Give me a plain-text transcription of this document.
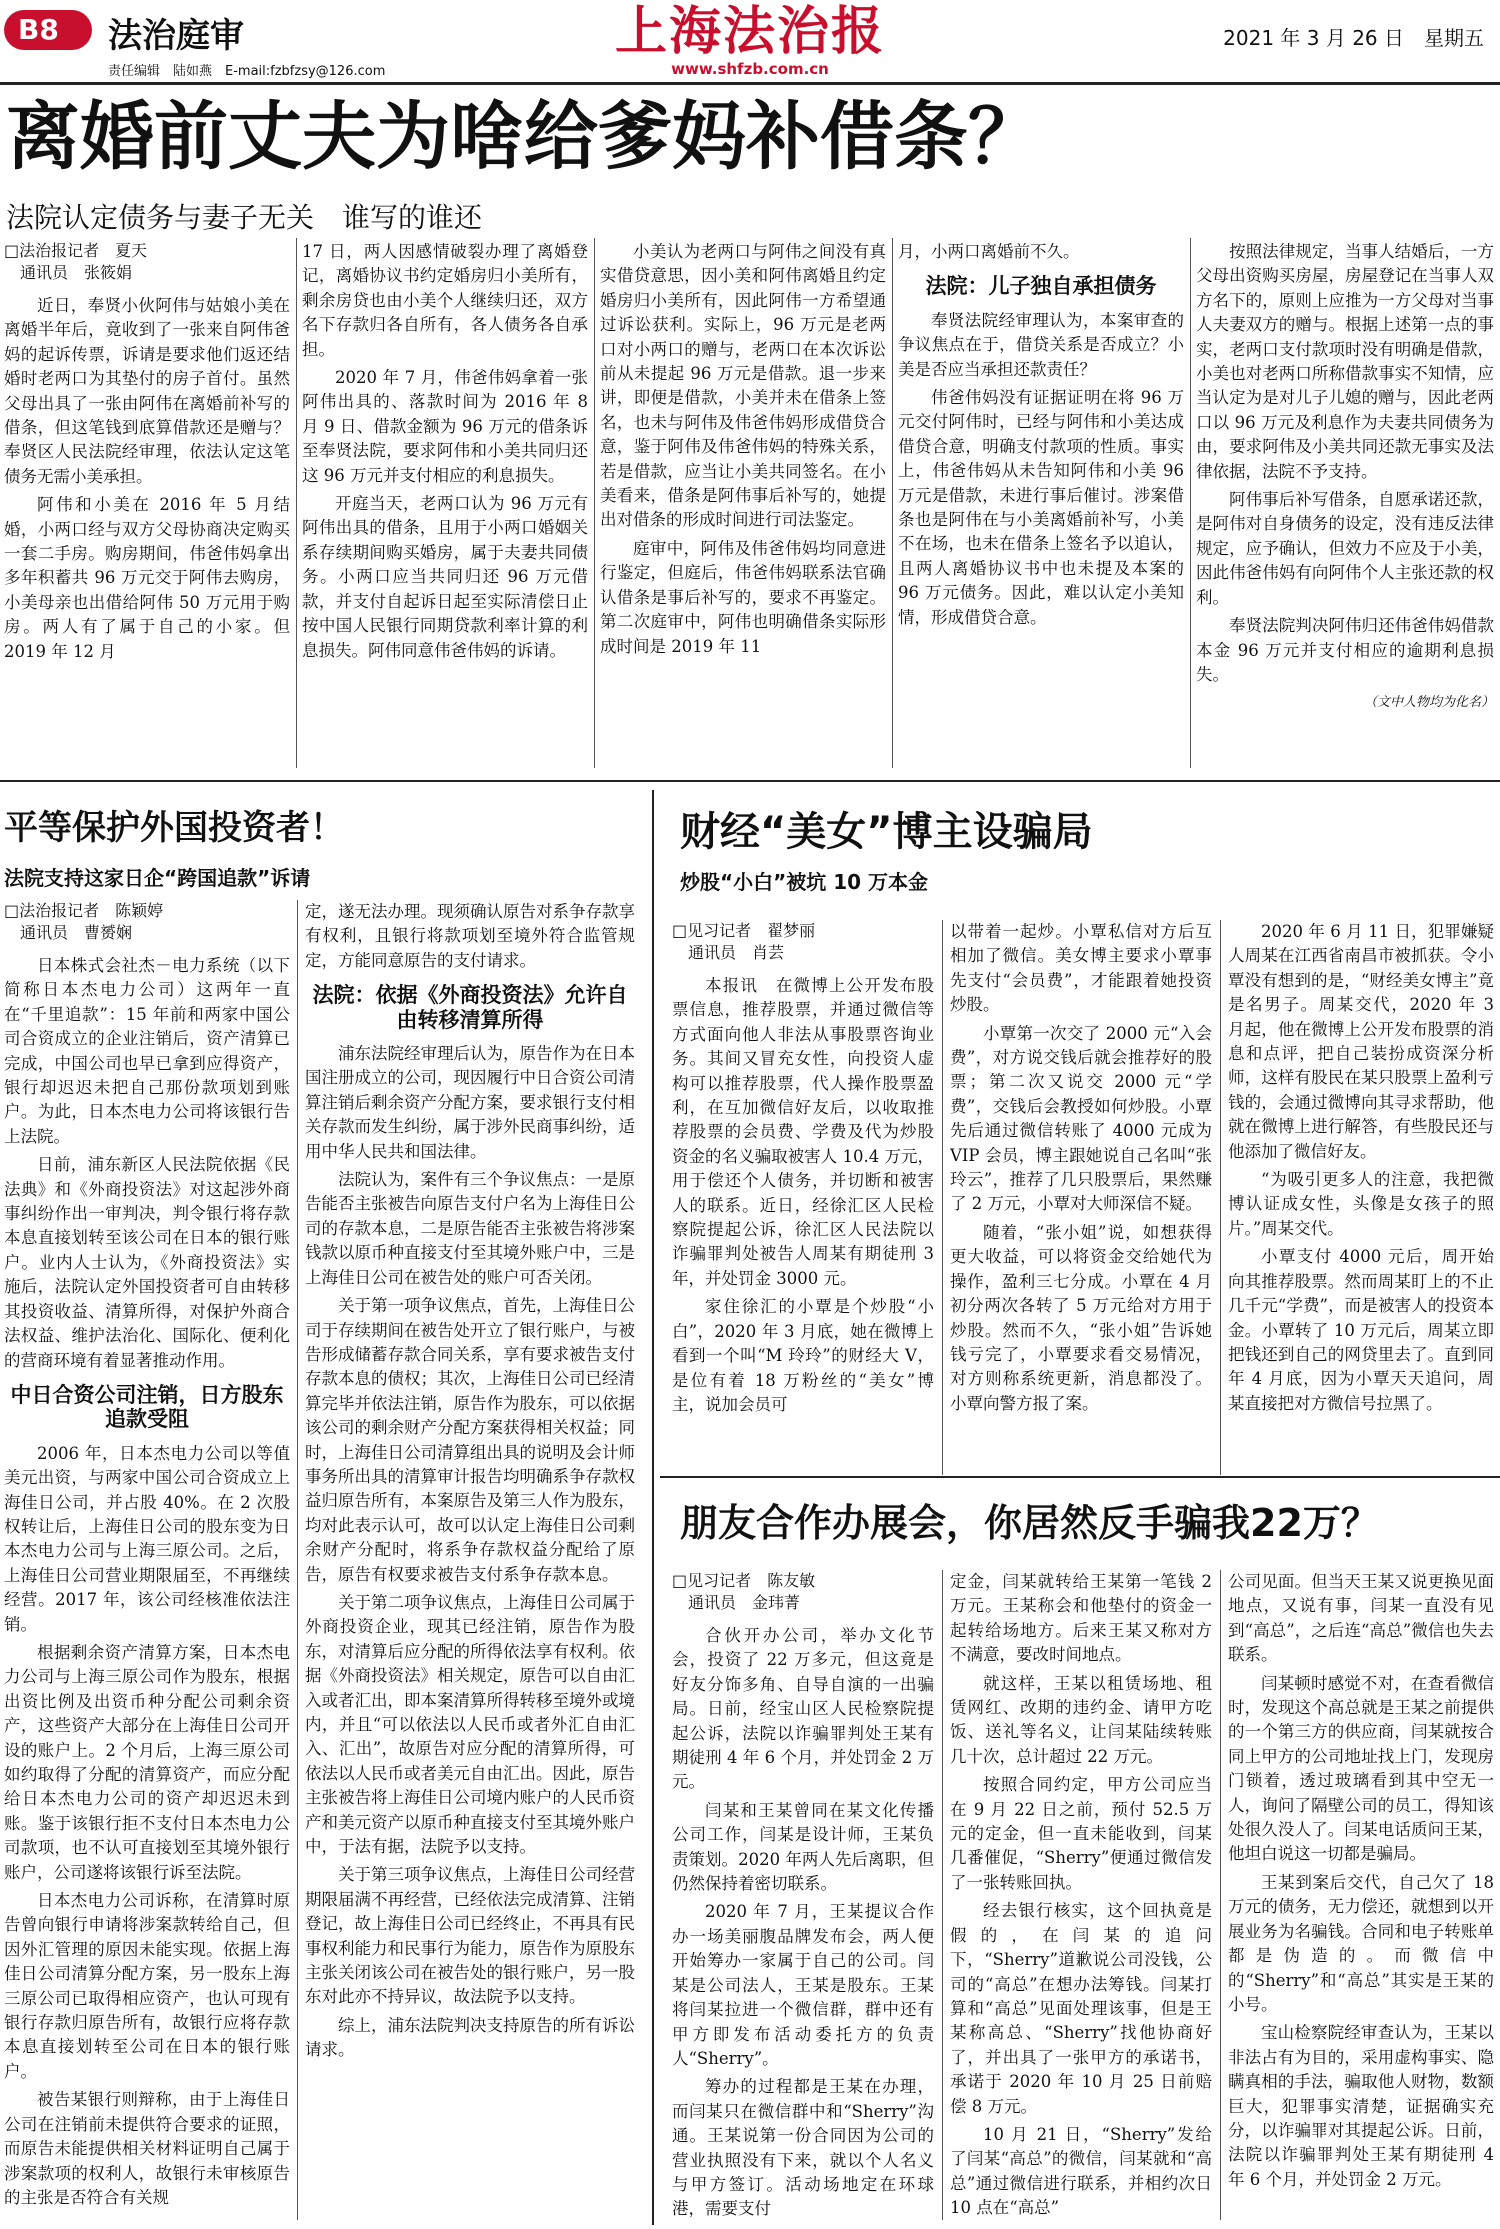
B8 法治庭审
责任编辑　陆如燕　E-mail:fzbfzsy@126.com
上海法治报
www.shfzb.com.cn
2021 年 3 月 26 日　星期五
离婚前丈夫为啥给爹妈补借条？
法院认定债务与妻子无关　谁写的谁还
□法治报记者　夏天
通讯员　张筱娟

近日，奉贤小伙阿伟与姑娘小美在离婚半年后，竟收到了一张来自阿伟爸妈的起诉传票，诉请是要求他们返还结婚时老两口为其垫付的房子首付。虽然父母出具了一张由阿伟在离婚前补写的借条，但这笔钱到底算借款还是赠与？奉贤区人民法院经审理，依法认定这笔债务无需小美承担。

阿伟和小美在 2016 年 5 月结婚，小两口经与双方父母协商决定购买一套二手房。购房期间，伟爸伟妈拿出多年积蓄共 96 万元交于阿伟去购房，小美母亲也出借给阿伟 50 万元用于购房。两人有了属于自己的小家。但 2019 年 12 月

17 日，两人因感情破裂办理了离婚登记，离婚协议书约定婚房归小美所有，剩余房贷也由小美个人继续归还，双方名下存款归各自所有，各人债务各自承担。

2020 年 7 月，伟爸伟妈拿着一张阿伟出具的、落款时间为 2016 年 8 月 9 日、借款金额为 96 万元的借条诉至奉贤法院，要求阿伟和小美共同归还这 96 万元并支付相应的利息损失。

开庭当天，老两口认为 96 万元有阿伟出具的借条，且用于小两口婚姻关系存续期间购买婚房，属于夫妻共同债务。小两口应当共同归还 96 万元借款，并支付自起诉日起至实际清偿日止按中国人民银行同期贷款利率计算的利息损失。阿伟同意伟爸伟妈的诉请。

小美认为老两口与阿伟之间没有真实借贷意思，因小美和阿伟离婚且约定婚房归小美所有，因此阿伟一方希望通过诉讼获利。实际上，96 万元是老两口对小两口的赠与，老两口在本次诉讼前从未提起 96 万元是借款。退一步来讲，即便是借款，小美并未在借条上签名，也未与阿伟及伟爸伟妈形成借贷合意，鉴于阿伟及伟爸伟妈的特殊关系，若是借款，应当让小美共同签名。在小美看来，借条是阿伟事后补写的，她提出对借条的形成时间进行司法鉴定。

庭审中，阿伟及伟爸伟妈均同意进行鉴定，但庭后，伟爸伟妈联系法官确认借条是事后补写的，要求不再鉴定。第二次庭审中，阿伟也明确借条实际形成时间是 2019 年 11

月，小两口离婚前不久。

法院：儿子独自承担债务

奉贤法院经审理认为，本案审查的争议焦点在于，借贷关系是否成立？小美是否应当承担还款责任？

伟爸伟妈没有证据证明在将 96 万元交付阿伟时，已经与阿伟和小美达成借贷合意，明确支付款项的性质。事实上，伟爸伟妈从未告知阿伟和小美 96 万元是借款，未进行事后催讨。涉案借条也是阿伟在与小美离婚前补写，小美不在场，也未在借条上签名予以追认，且两人离婚协议书中也未提及本案的 96 万元债务。因此，难以认定小美知情，形成借贷合意。

按照法律规定，当事人结婚后，一方父母出资购买房屋，房屋登记在当事人双方名下的，原则上应推为一方父母对当事人夫妻双方的赠与。根据上述第一点的事实，老两口支付款项时没有明确是借款，小美也对老两口所称借款事实不知情，应当认定为是对儿子儿媳的赠与，因此老两口以 96 万元及利息作为夫妻共同债务为由，要求阿伟及小美共同还款无事实及法律依据，法院不予支持。

阿伟事后补写借条，自愿承诺还款，是阿伟对自身债务的设定，没有违反法律规定，应予确认，但效力不应及于小美，因此伟爸伟妈有向阿伟个人主张还款的权利。

奉贤法院判决阿伟归还伟爸伟妈借款本金 96 万元并支付相应的逾期利息损失。

（文中人物均为化名）
平等保护外国投资者！
法院支持这家日企“跨国追款”诉请
□法治报记者　陈颖婷
通讯员　曹赟娴

日本株式会社杰－电力系统（以下简称日本杰电力公司）这两年一直在“千里追款”：15 年前和两家中国公司合资成立的企业注销后，资产清算已完成，中国公司也早已拿到应得资产，银行却迟迟未把自己那份款项划到账户。为此，日本杰电力公司将该银行告上法院。

日前，浦东新区人民法院依据《民法典》和《外商投资法》对这起涉外商事纠纷作出一审判决，判令银行将存款本息直接划转至该公司在日本的银行账户。业内人士认为，《外商投资法》实施后，法院认定外国投资者可自由转移其投资收益、清算所得，对保护外商合法权益、维护法治化、国际化、便利化的营商环境有着显著推动作用。

中日合资公司注销，日方股东追款受阻

2006 年，日本杰电力公司以等值美元出资，与两家中国公司合资成立上海佳日公司，并占股 40%。在 2 次股权转让后，上海佳日公司的股东变为日本杰电力公司与上海三原公司。之后，上海佳日公司营业期限届至，不再继续经营。2017 年，该公司经核准依法注销。

根据剩余资产清算方案，日本杰电力公司与上海三原公司作为股东，根据出资比例及出资币种分配公司剩余资产，这些资产大部分在上海佳日公司开设的账户上。2 个月后，上海三原公司如约取得了分配的清算资产，而应分配给日本杰电力公司的资产却迟迟未到账。鉴于该银行拒不支付日本杰电力公司款项，也不认可直接划至其境外银行账户，公司遂将该银行诉至法院。

日本杰电力公司诉称，在清算时原告曾向银行申请将涉案款转给自己，但因外汇管理的原因未能实现。依据上海佳日公司清算分配方案，另一股东上海三原公司已取得相应资产，也认可现有银行存款归原告所有，故银行应将存款本息直接划转至公司在日本的银行账户。

被告某银行则辩称，由于上海佳日公司在注销前未提供符合要求的证照，而原告未能提供相关材料证明自己属于涉案款项的权利人，故银行未审核原告的主张是否符合有关规

定，遂无法办理。现须确认原告对系争存款享有权利，且银行将款项划至境外符合监管规定，方能同意原告的支付请求。

法院：依据《外商投资法》允许自由转移清算所得

浦东法院经审理后认为，原告作为在日本国注册成立的公司，现因履行中日合资公司清算注销后剩余资产分配方案，要求银行支付相关存款而发生纠纷，属于涉外民商事纠纷，适用中华人民共和国法律。

法院认为，案件有三个争议焦点：一是原告能否主张被告向原告支付户名为上海佳日公司的存款本息，二是原告能否主张被告将涉案钱款以原币种直接支付至其境外账户中，三是上海佳日公司在被告处的账户可否关闭。

关于第一项争议焦点，首先，上海佳日公司于存续期间在被告处开立了银行账户，与被告形成储蓄存款合同关系，享有要求被告支付存款本息的债权；其次，上海佳日公司已经清算完毕并依法注销，原告作为股东，可以依据该公司的剩余财产分配方案获得相关权益；同时，上海佳日公司清算组出具的说明及会计师事务所出具的清算审计报告均明确系争存款权益归原告所有，本案原告及第三人作为股东，均对此表示认可，故可以认定上海佳日公司剩余财产分配时，将系争存款权益分配给了原告，原告有权要求被告支付系争存款本息。

关于第二项争议焦点，上海佳日公司属于外商投资企业，现其已经注销，原告作为股东，对清算后应分配的所得依法享有权利。依据《外商投资法》相关规定，原告可以自由汇入或者汇出，即本案清算所得转移至境外或境内，并且“可以依法以人民币或者外汇自由汇入、汇出”，故原告对应分配的清算所得，可依法以人民币或者美元自由汇出。因此，原告主张被告将上海佳日公司境内账户的人民币资产和美元资产以原币种直接支付至其境外账户中，于法有据，法院予以支持。

关于第三项争议焦点，上海佳日公司经营期限届满不再经营，已经依法完成清算、注销登记，故上海佳日公司已经终止，不再具有民事权利能力和民事行为能力，原告作为原股东主张关闭该公司在被告处的银行账户，另一股东对此亦不持异议，故法院予以支持。

综上，浦东法院判决支持原告的所有诉讼请求。

财经“美女”博主设骗局
炒股“小白”被坑 10 万本金
□见习记者　翟梦丽
通讯员　肖芸

本报讯　在微博上公开发布股票信息，推荐股票，并通过微信等方式面向他人非法从事股票咨询业务。其间又冒充女性，向投资人虚构可以推荐股票，代人操作股票盈利，在互加微信好友后，以收取推荐股票的会员费、学费及代为炒股资金的名义骗取被害人 10.4 万元，用于偿还个人债务，并切断和被害人的联系。近日，经徐汇区人民检察院提起公诉，徐汇区人民法院以诈骗罪判处被告人周某有期徒刑 3 年，并处罚金 3000 元。

家住徐汇的小覃是个炒股“小白”，2020 年 3 月底，她在微博上看到一个叫“M 玲玲”的财经大 V，是位有着 18 万粉丝的“美女”博主，说加会员可

以带着一起炒。小覃私信对方后互相加了微信。美女博主要求小覃事先支付“会员费”，才能跟着她投资炒股。

小覃第一次交了 2000 元“入会费”，对方说交钱后就会推荐好的股票；第二次又说交 2000 元“学费”，交钱后会教授如何炒股。小覃先后通过微信转账了 4000 元成为 VIP 会员，博主跟她说自己名叫“张玲云”，推荐了几只股票后，果然赚了 2 万元，小覃对大师深信不疑。

随着，“张小姐”说，如想获得更大收益，可以将资金交给她代为操作，盈利三七分成。小覃在 4 月初分两次各转了 5 万元给对方用于炒股。然而不久，“张小姐”告诉她钱亏完了，小覃要求看交易情况，对方则称系统更新，消息都没了。小覃向警方报了案。

2020 年 6 月 11 日，犯罪嫌疑人周某在江西省南昌市被抓获。令小覃没有想到的是，“财经美女博主”竟是名男子。周某交代，2020 年 3 月起，他在微博上公开发布股票的消息和点评，把自己装扮成资深分析师，这样有股民在某只股票上盈利亏钱的，会通过微博向其寻求帮助，他就在微博上进行解答，有些股民还与他添加了微信好友。

“为吸引更多人的注意，我把微博认证成女性，头像是女孩子的照片。”周某交代。

小覃支付 4000 元后，周开始向其推荐股票。然而周某盯上的不止几千元“学费”，而是被害人的投资本金。小覃转了 10 万元后，周某立即把钱还到自己的网贷里去了。直到同年 4 月底，因为小覃天天追问，周某直接把对方微信号拉黑了。

朋友合作办展会，你居然反手骗我22万？
□见习记者　陈友敏
通讯员　金玮菁

合伙开办公司，举办文化节会，投资了 22 万多元，但这竟是好友分饰多角、自导自演的一出骗局。日前，经宝山区人民检察院提起公诉，法院以诈骗罪判处王某有期徒刑 4 年 6 个月，并处罚金 2 万元。

闫某和王某曾同在某文化传播公司工作，闫某是设计师，王某负责策划。2020 年两人先后离职，但仍然保持着密切联系。

2020 年 7 月，王某提议合作办一场美丽腹品牌发布会，两人便开始筹办一家属于自己的公司。闫某是公司法人，王某是股东。王某将闫某拉进一个微信群，群中还有甲方即发布活动委托方的负责人“Sherry”。

筹办的过程都是王某在办理，而闫某只在微信群中和“Sherry”沟通。王某说第一份合同因为公司的营业执照没有下来，就以个人名义与甲方签订。活动场地定在环球港，需要支付

定金，闫某就转给王某第一笔钱 2 万元。王某称会和他垫付的资金一起转给场地方。后来王某又称对方不满意，要改时间地点。

就这样，王某以租赁场地、租赁网红、改期的违约金、请甲方吃饭、送礼等名义，让闫某陆续转账几十次，总计超过 22 万元。

按照合同约定，甲方公司应当在 9 月 22 日之前，预付 52.5 万元的定金，但一直未能收到，闫某几番催促，“Sherry”便通过微信发了一张转账回执。

经去银行核实，这个回执竟是假的，在闫某的追问下，“Sherry”道歉说公司没钱，公司的“高总”在想办法筹钱。闫某打算和“高总”见面处理该事，但是王某称高总、“Sherry”找他协商好了，并出具了一张甲方的承诺书，承诺于 2020 年 10 月 25 日前赔偿 8 万元。

10 月 21 日，“Sherry”发给了闫某“高总”的微信，闫某就和“高总”通过微信进行联系，并相约次日 10 点在“高总”

公司见面。但当天王某又说更换见面地点，又说有事，闫某一直没有见到“高总”，之后连“高总”微信也失去联系。

闫某顿时感觉不对，在查看微信时，发现这个高总就是王某之前提供的一个第三方的供应商，闫某就按合同上甲方的公司地址找上门，发现房门锁着，透过玻璃看到其中空无一人，询问了隔壁公司的员工，得知该处很久没人了。闫某电话质问王某，他坦白说这一切都是骗局。

王某到案后交代，自己欠了 18 万元的债务，无力偿还，就想到以开展业务为名骗钱。合同和电子转账单都是伪造的。而微信中的“Sherry”和“高总”其实是王某的小号。

宝山检察院经审查认为，王某以非法占有为目的，采用虚构事实、隐瞒真相的手法，骗取他人财物，数额巨大，犯罪事实清楚，证据确实充分，以诈骗罪对其提起公诉。日前，法院以诈骗罪判处王某有期徒刑 4 年 6 个月，并处罚金 2 万元。
